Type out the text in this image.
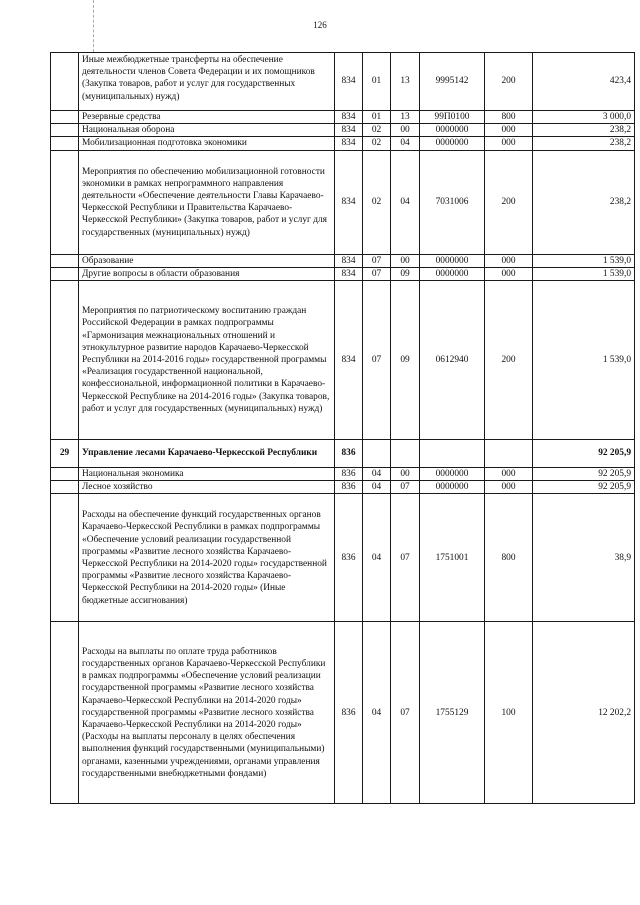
126
	Иные межбюджетные трансферты на обеспечение деятельности членов Совета Федерации и их помощников (Закупка товаров, работ и услуг для государственных (муниципальных) нужд)	834	01	13	9995142	200	423,4
	Резервные средства	834	01	13	99П0100	800	3 000,0
	Национальная оборона	834	02	00	0000000	000	238,2
	Мобилизационная подготовка экономики	834	02	04	0000000	000	238,2
	Мероприятия по обеспечению мобилизационной готовности экономики в рамках непрограммного направления деятельности «Обеспечение деятельности Главы Карачаево-Черкесской Республики и Правительства Карачаево-Черкесской Республики» (Закупка товаров, работ и услуг для государственных (муниципальных) нужд)	834	02	04	7031006	200	238,2
	Образование	834	07	00	0000000	000	1 539,0
	Другие вопросы в области образования	834	07	09	0000000	000	1 539,0
	Мероприятия по патриотическому воспитанию граждан Российской Федерации в рамках подпрограммы «Гармонизация межнациональных отношений и этнокультурное развитие народов Карачаево-Черкесской Республики на 2014-2016 годы» государственной программы «Реализация государственной национальной, конфессиональной, информационной политики в Карачаево-Черкесской Республике на 2014-2016 годы» (Закупка товаров, работ и услуг для государственных (муниципальных) нужд)	834	07	09	0612940	200	1 539,0
29	Управление лесами Карачаево-Черкесской Республики	836					92 205,9
	Национальная экономика	836	04	00	0000000	000	92 205,9
	Лесное хозяйство	836	04	07	0000000	000	92 205,9
	Расходы на обеспечение функций государственных органов Карачаево-Черкесской Республики в рамках подпрограммы «Обеспечение условий реализации государственной программы «Развитие лесного хозяйства Карачаево-Черкесской Республики на 2014-2020 годы» государственной программы «Развитие лесного хозяйства Карачаево-Черкесской Республики на 2014-2020 годы» (Иные бюджетные ассигнования)	836	04	07	1751001	800	38,9
	Расходы на выплаты по оплате труда работников государственных органов Карачаево-Черкесской Республики в рамках подпрограммы «Обеспечение условий реализации государственной программы «Развитие лесного хозяйства Карачаево-Черкесской Республики на 2014-2020 годы» государственной программы «Развитие лесного хозяйства Карачаево-Черкесской Республики на 2014-2020 годы» (Расходы на выплаты персоналу в целях обеспечения выполнения функций государственными (муниципальными) органами, казенными учреждениями, органами управления государственными внебюджетными фондами)	836	04	07	1755129	100	12 202,2
